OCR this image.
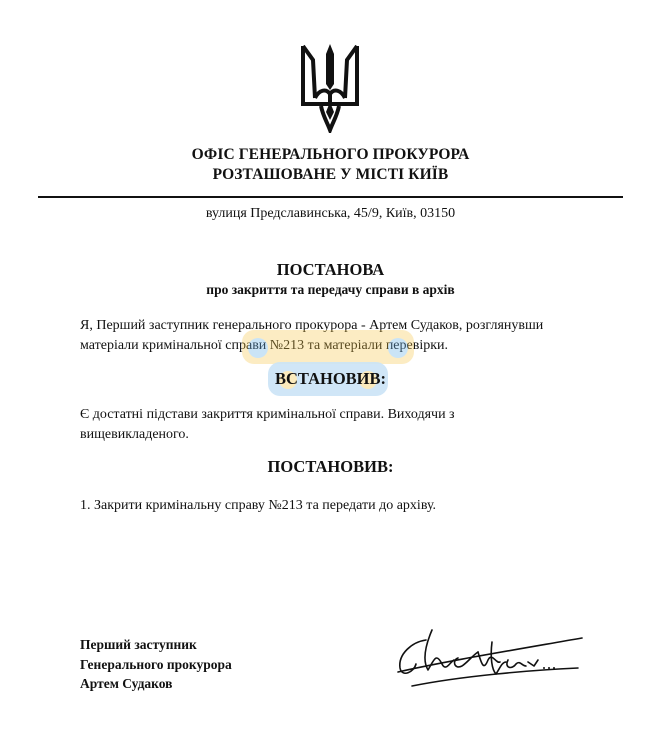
ОФІС ГЕНЕРАЛЬНОГО ПРОКУРОРА
РОЗТАШОВАНЕ У МІСТІ КИЇВ
вулиця Предславинська, 45/9, Київ, 03150
ПОСТАНОВА
про закриття та передачу справи в архів
Я, Перший заступник генерального прокурора - Артем Судаков, розглянувши
матеріали кримінальної справи №213 та матеріали перевірки.
ВСТАНОВИВ:
Є достатні підстави закриття кримінальної справи. Виходячи з
вищевикладеного.
ПОСТАНОВИВ:
1. Закрити кримінальну справу №213 та передати до архіву.
Перший заступник
Генерального прокурора
Артем Судаков
